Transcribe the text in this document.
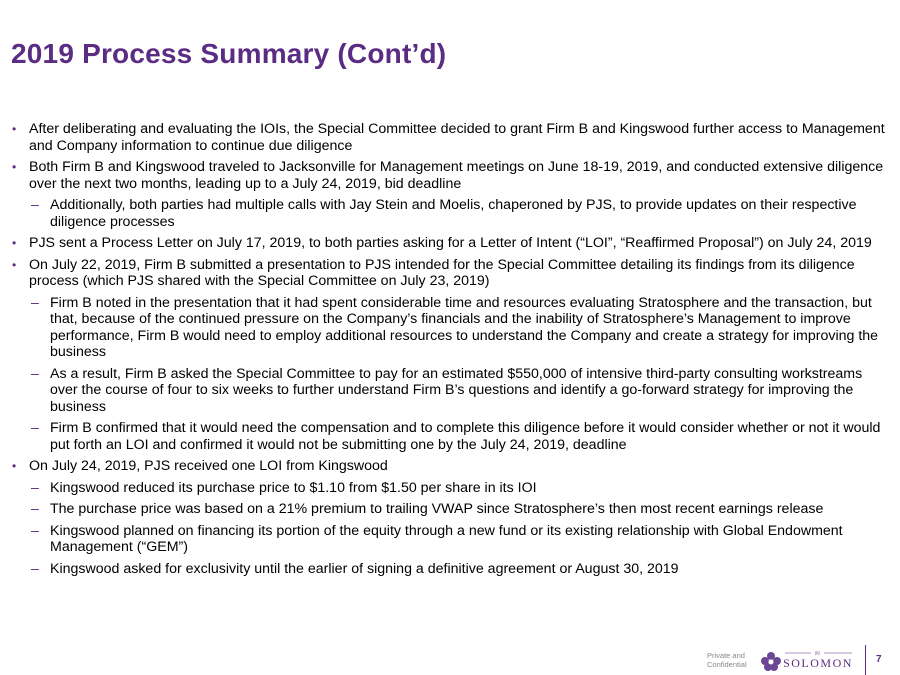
2019 Process Summary (Cont’d)
• After deliberating and evaluating the IOIs, the Special Committee decided to grant Firm B and Kingswood further access to Management and Company information to continue due diligence
• Both Firm B and Kingswood traveled to Jacksonville for Management meetings on June 18-19, 2019, and conducted extensive diligence over the next two months, leading up to a July 24, 2019, bid deadline
– Additionally, both parties had multiple calls with Jay Stein and Moelis, chaperoned by PJS, to provide updates on their respective diligence processes
• PJS sent a Process Letter on July 17, 2019, to both parties asking for a Letter of Intent (“LOI”, “Reaffirmed Proposal”) on July 24, 2019
• On July 22, 2019, Firm B submitted a presentation to PJS intended for the Special Committee detailing its findings from its diligence process (which PJS shared with the Special Committee on July 23, 2019)
– Firm B noted in the presentation that it had spent considerable time and resources evaluating Stratosphere and the transaction, but that, because of the continued pressure on the Company’s financials and the inability of Stratosphere’s Management to improve performance, Firm B would need to employ additional resources to understand the Company and create a strategy for improving the business
– As a result, Firm B asked the Special Committee to pay for an estimated $550,000 of intensive third-party consulting workstreams over the course of four to six weeks to further understand Firm B’s questions and identify a go-forward strategy for improving the business
– Firm B confirmed that it would need the compensation and to complete this diligence before it would consider whether or not it would put forth an LOI and confirmed it would not be submitting one by the July 24, 2019, deadline
• On July 24, 2019, PJS received one LOI from Kingswood
– Kingswood reduced its purchase price to $1.10 from $1.50 per share in its IOI
– The purchase price was based on a 21% premium to trailing VWAP since Stratosphere’s then most recent earnings release
– Kingswood planned on financing its portion of the equity through a new fund or its existing relationship with Global Endowment Management (“GEM”)
– Kingswood asked for exclusivity until the earlier of signing a definitive agreement or August 30, 2019
Private and
Confidential
PJ
SOLOMON 7
